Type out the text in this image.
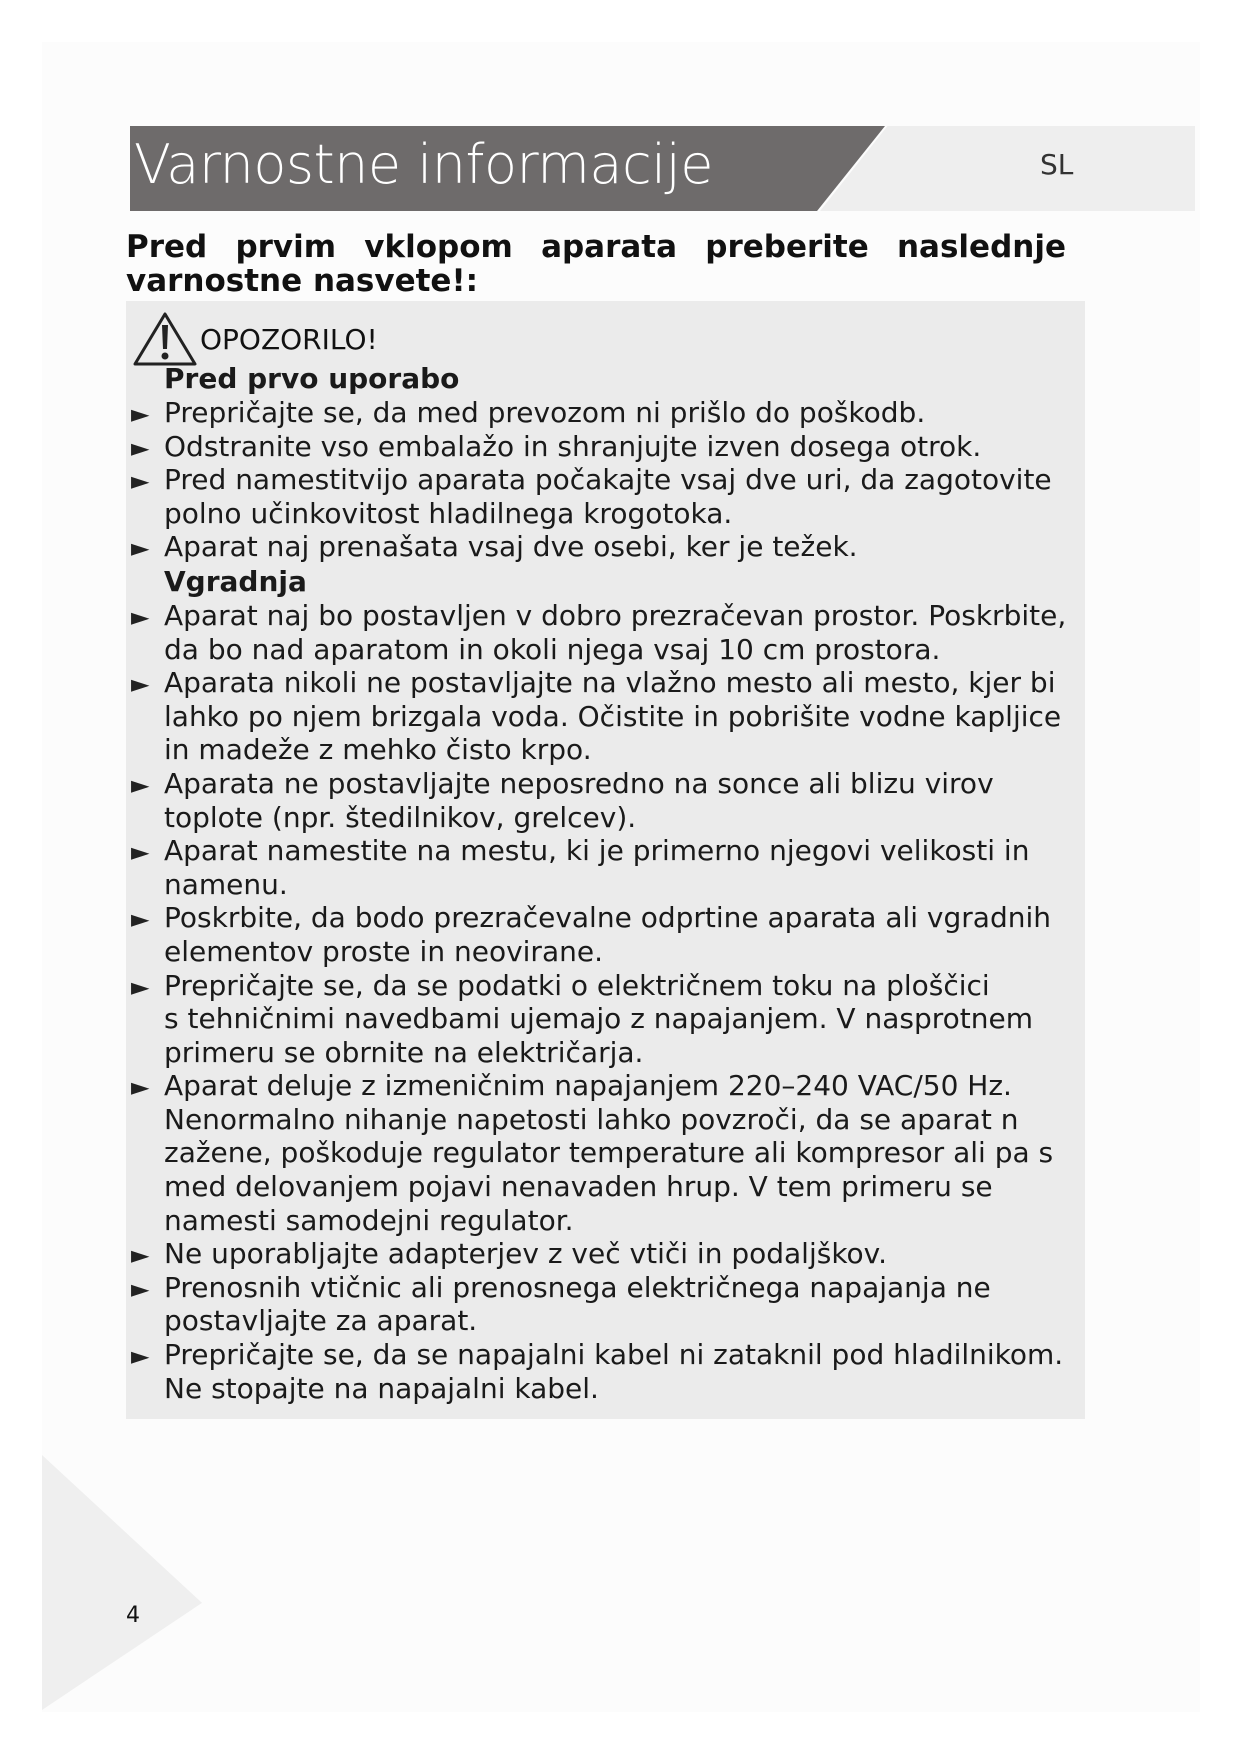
Varnostne informacije	SL
Pred prvim vklopom aparata preberite naslednje varnostne nasvete!:
OPOZORILO!
Pred prvo uporabo
► Prepričajte se, da med prevozom ni prišlo do poškodb.
► Odstranite vso embalažo in shranjujte izven dosega otrok.
► Pred namestitvijo aparata počakajte vsaj dve uri, da zagotovite
polno učinkovitost hladilnega krogotoka.
► Aparat naj prenašata vsaj dve osebi, ker je težek.
Vgradnja
► Aparat naj bo postavljen v dobro prezračevan prostor. Poskrbite,
da bo nad aparatom in okoli njega vsaj 10 cm prostora.
► Aparata nikoli ne postavljajte na vlažno mesto ali mesto, kjer bi
lahko po njem brizgala voda. Očistite in pobrišite vodne kapljice
in madeže z mehko čisto krpo.
► Aparata ne postavljajte neposredno na sonce ali blizu virov
toplote (npr. štedilnikov, grelcev).
► Aparat namestite na mestu, ki je primerno njegovi velikosti in
namenu.
► Poskrbite, da bodo prezračevalne odprtine aparata ali vgradnih
elementov proste in neovirane.
► Prepričajte se, da se podatki o električnem toku na ploščici
s tehničnimi navedbami ujemajo z napajanjem. V nasprotnem
primeru se obrnite na električarja.
► Aparat deluje z izmeničnim napajanjem 220–240 VAC/50 Hz.
Nenormalno nihanje napetosti lahko povzroči, da se aparat n
zažene, poškoduje regulator temperature ali kompresor ali pa s
med delovanjem pojavi nenavaden hrup. V tem primeru se
namesti samodejni regulator.
► Ne uporabljajte adapterjev z več vtiči in podaljškov.
► Prenosnih vtičnic ali prenosnega električnega napajanja ne
postavljajte za aparat.
► Prepričajte se, da se napajalni kabel ni zataknil pod hladilnikom.
Ne stopajte na napajalni kabel.
4
